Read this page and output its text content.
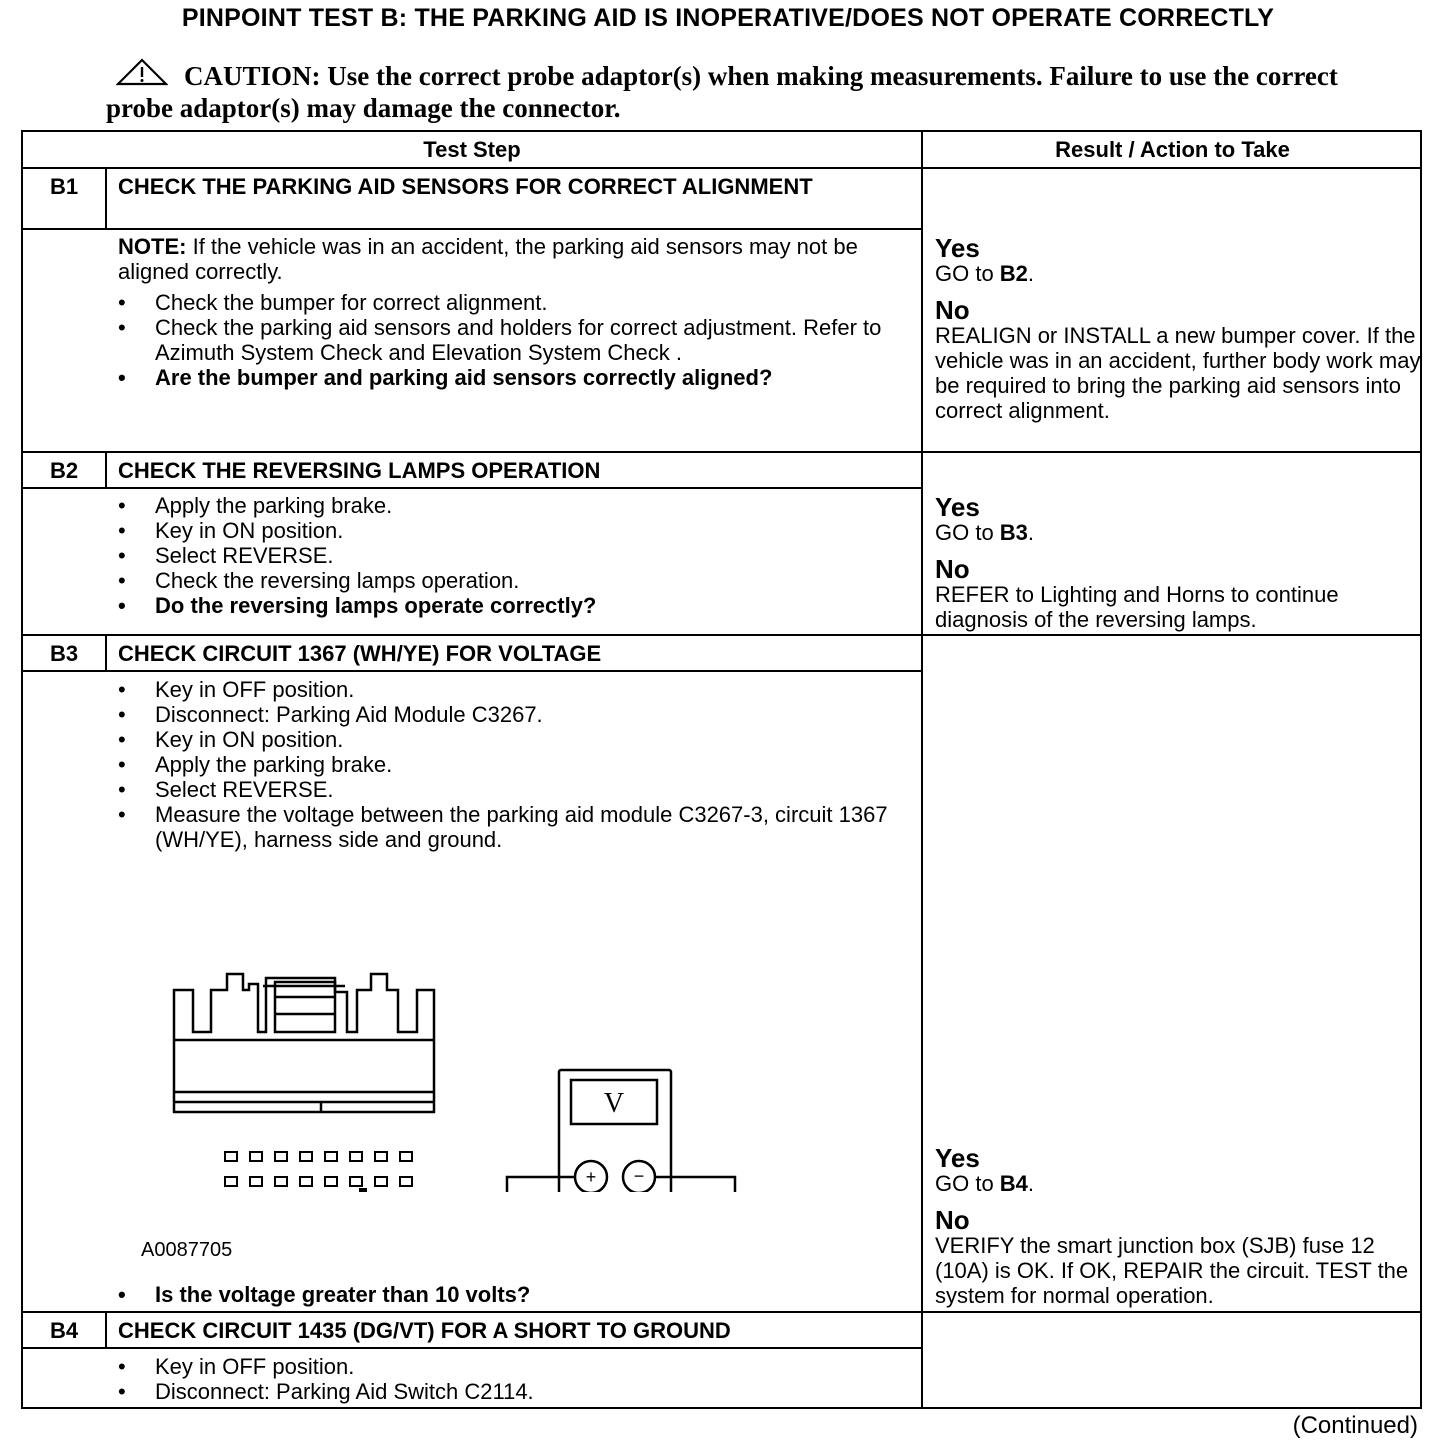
PINPOINT TEST B: THE PARKING AID IS INOPERATIVE/DOES NOT OPERATE CORRECTLY
CAUTION: Use the correct probe adaptor(s) when making measurements. Failure to use the correct probe adaptor(s) may damage the connector.
Test Step	Result / Action to Take
B1	CHECK THE PARKING AID SENSORS FOR CORRECT ALIGNMENT
NOTE: If the vehicle was in an accident, the parking aid sensors may not be aligned correctly.
• Check the bumper for correct alignment.
• Check the parking aid sensors and holders for correct adjustment. Refer to Azimuth System Check and Elevation System Check .
• Are the bumper and parking aid sensors correctly aligned?
Yes
GO to B2.
No
REALIGN or INSTALL a new bumper cover. If the vehicle was in an accident, further body work may be required to bring the parking aid sensors into correct alignment.
B2	CHECK THE REVERSING LAMPS OPERATION
• Apply the parking brake.
• Key in ON position.
• Select REVERSE.
• Check the reversing lamps operation.
• Do the reversing lamps operate correctly?
Yes
GO to B3.
No
REFER to Lighting and Horns to continue diagnosis of the reversing lamps.
B3	CHECK CIRCUIT 1367 (WH/YE) FOR VOLTAGE
• Key in OFF position.
• Disconnect: Parking Aid Module C3267.
• Key in ON position.
• Apply the parking brake.
• Select REVERSE.
• Measure the voltage between the parking aid module C3267-3, circuit 1367 (WH/YE), harness side and ground.
V
+ −
A0087705
• Is the voltage greater than 10 volts?
Yes
GO to B4.
No
VERIFY the smart junction box (SJB) fuse 12 (10A) is OK. If OK, REPAIR the circuit. TEST the system for normal operation.
B4	CHECK CIRCUIT 1435 (DG/VT) FOR A SHORT TO GROUND
• Key in OFF position.
• Disconnect: Parking Aid Switch C2114.
(Continued)
